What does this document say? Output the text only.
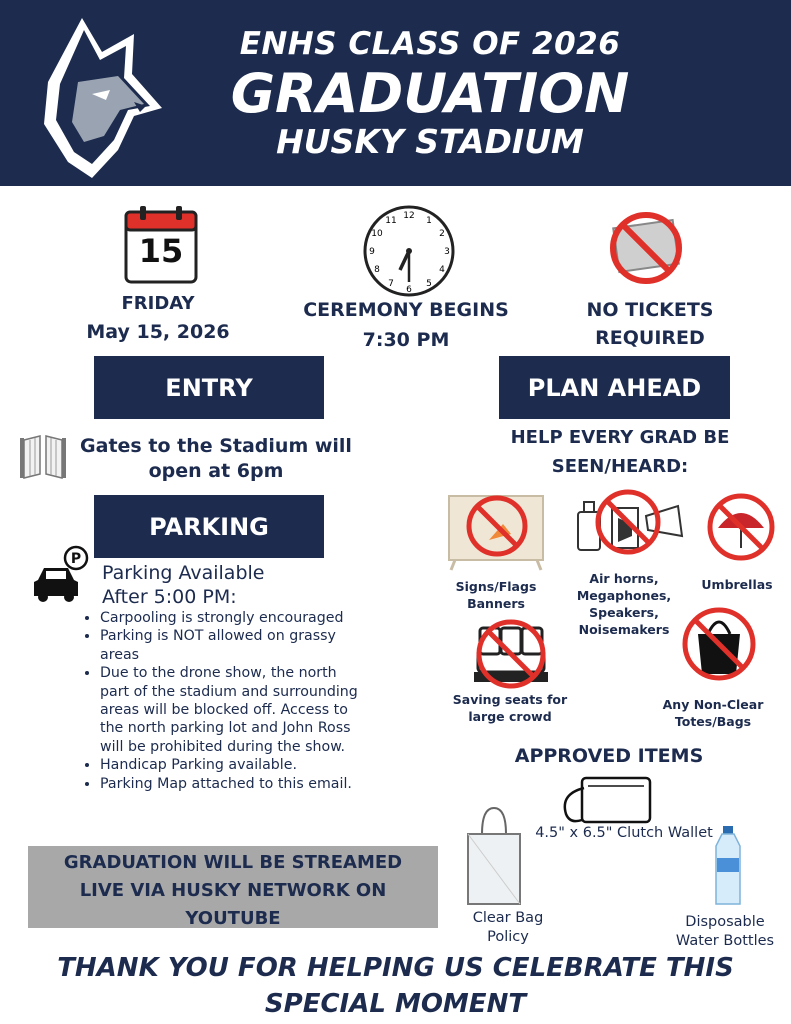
ENHS CLASS OF 2026
GRADUATION
HUSKY STADIUM
15
FRIDAY
May 15, 2026
12 1
2
3
4
5
6
7
8
9
10
11
CEREMONY BEGINS
7:30 PM
NO TICKETS
REQUIRED
ENTRY
Gates to the Stadium will
open at 6pm
PARKING
P
Parking Available
After 5:00 PM:
• Carpooling is strongly encouraged
• Parking is NOT allowed on grassy areas
• Due to the drone show, the north part of the stadium and surrounding areas will be blocked off. Access to the north parking lot and John Ross will be prohibited during the show.
• Handicap Parking available.
• Parking Map attached to this email.
GRADUATION WILL BE STREAMED
LIVE VIA HUSKY NETWORK ON
YOUTUBE
PLAN AHEAD
HELP EVERY GRAD BE
SEEN/HEARD:
Signs/Flags
Banners
Air horns,
Megaphones,
Speakers,
Noisemakers
Umbrellas
Saving seats for
large crowd
Any Non-Clear
Totes/Bags
APPROVED ITEMS
4.5" x 6.5" Clutch Wallet
Clear Bag
Policy
Disposable
Water Bottles
THANK YOU FOR HELPING US CELEBRATE THIS
SPECIAL MOMENT
